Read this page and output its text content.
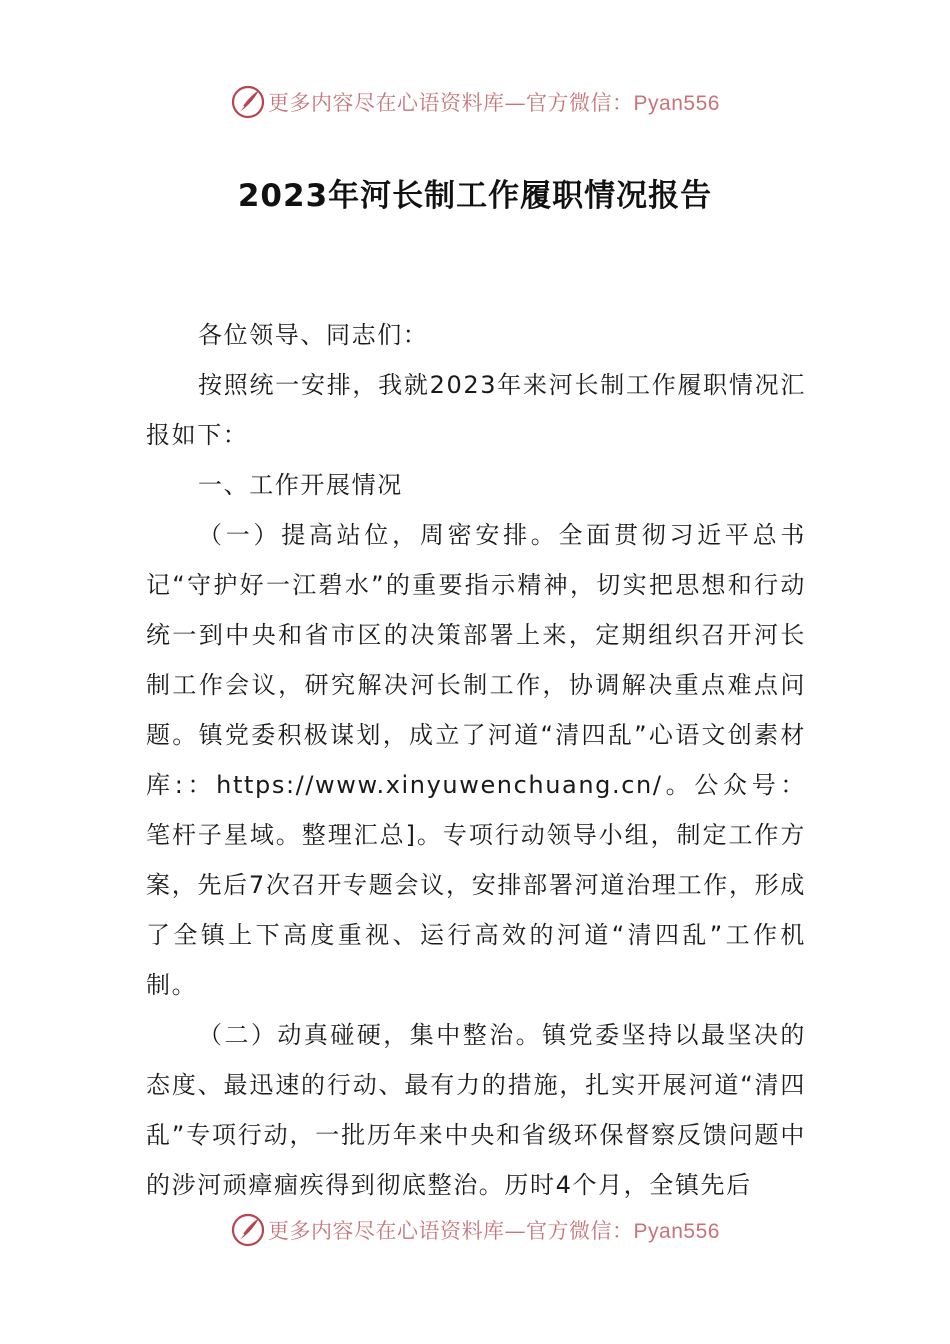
更多内容尽在心语资料库—官方微信：Pyan556
2023年河长制工作履职情况报告

各位领导、同志们：

按照统一安排，我就2023年来河长制工作履职情况汇报如下：

一、工作开展情况

（一）提高站位，周密安排。全面贯彻习近平总书记“守护好一江碧水”的重要指示精神，切实把思想和行动统一到中央和省市区的决策部署上来，定期组织召开河长制工作会议，研究解决河长制工作，协调解决重点难点问题。镇党委积极谋划，成立了河道“清四乱”心语文创素材库:：https://www.xinyuwenchuang.cn/。公众号：笔杆子星域。整理汇总]。专项行动领导小组，制定工作方案，先后7次召开专题会议，安排部署河道治理工作，形成了全镇上下高度重视、运行高效的河道“清四乱”工作机制。

（二）动真碰硬，集中整治。镇党委坚持以最坚决的态度、最迅速的行动、最有力的措施，扎实开展河道“清四乱”专项行动，一批历年来中央和省级环保督察反馈问题中的涉河顽瘴痼疾得到彻底整治。历时4个月，全镇先后

更多内容尽在心语资料库—官方微信：Pyan556
